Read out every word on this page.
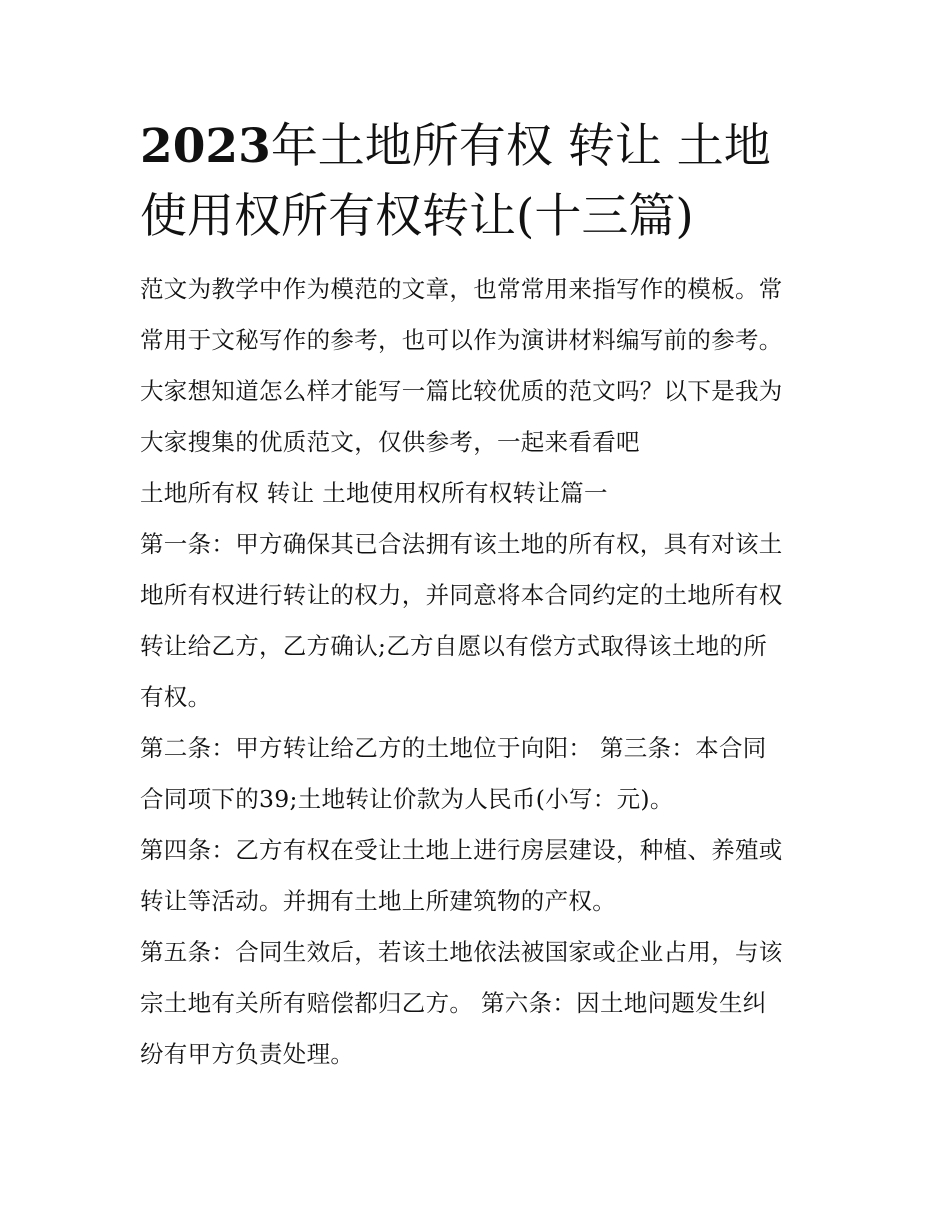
2023年土地所有权 转让 土地
使用权所有权转让(十三篇)

范文为教学中作为模范的文章，也常常用来指写作的模板。常
常用于文秘写作的参考，也可以作为演讲材料编写前的参考。
大家想知道怎么样才能写一篇比较优质的范文吗？以下是我为
大家搜集的优质范文，仅供参考，一起来看看吧

土地所有权 转让 土地使用权所有权转让篇一

第一条：甲方确保其已合法拥有该土地的所有权，具有对该土
地所有权进行转让的权力，并同意将本合同约定的土地所有权
转让给乙方，乙方确认;乙方自愿以有偿方式取得该土地的所
有权。

第二条：甲方转让给乙方的土地位于向阳： 第三条：本合同
合同项下的39;土地转让价款为人民币(小写：元)。

第四条：乙方有权在受让土地上进行房层建设，种植、养殖或
转让等活动。并拥有土地上所建筑物的产权。

第五条：合同生效后，若该土地依法被国家或企业占用，与该
宗土地有关所有赔偿都归乙方。 第六条：因土地问题发生纠
纷有甲方负责处理。
